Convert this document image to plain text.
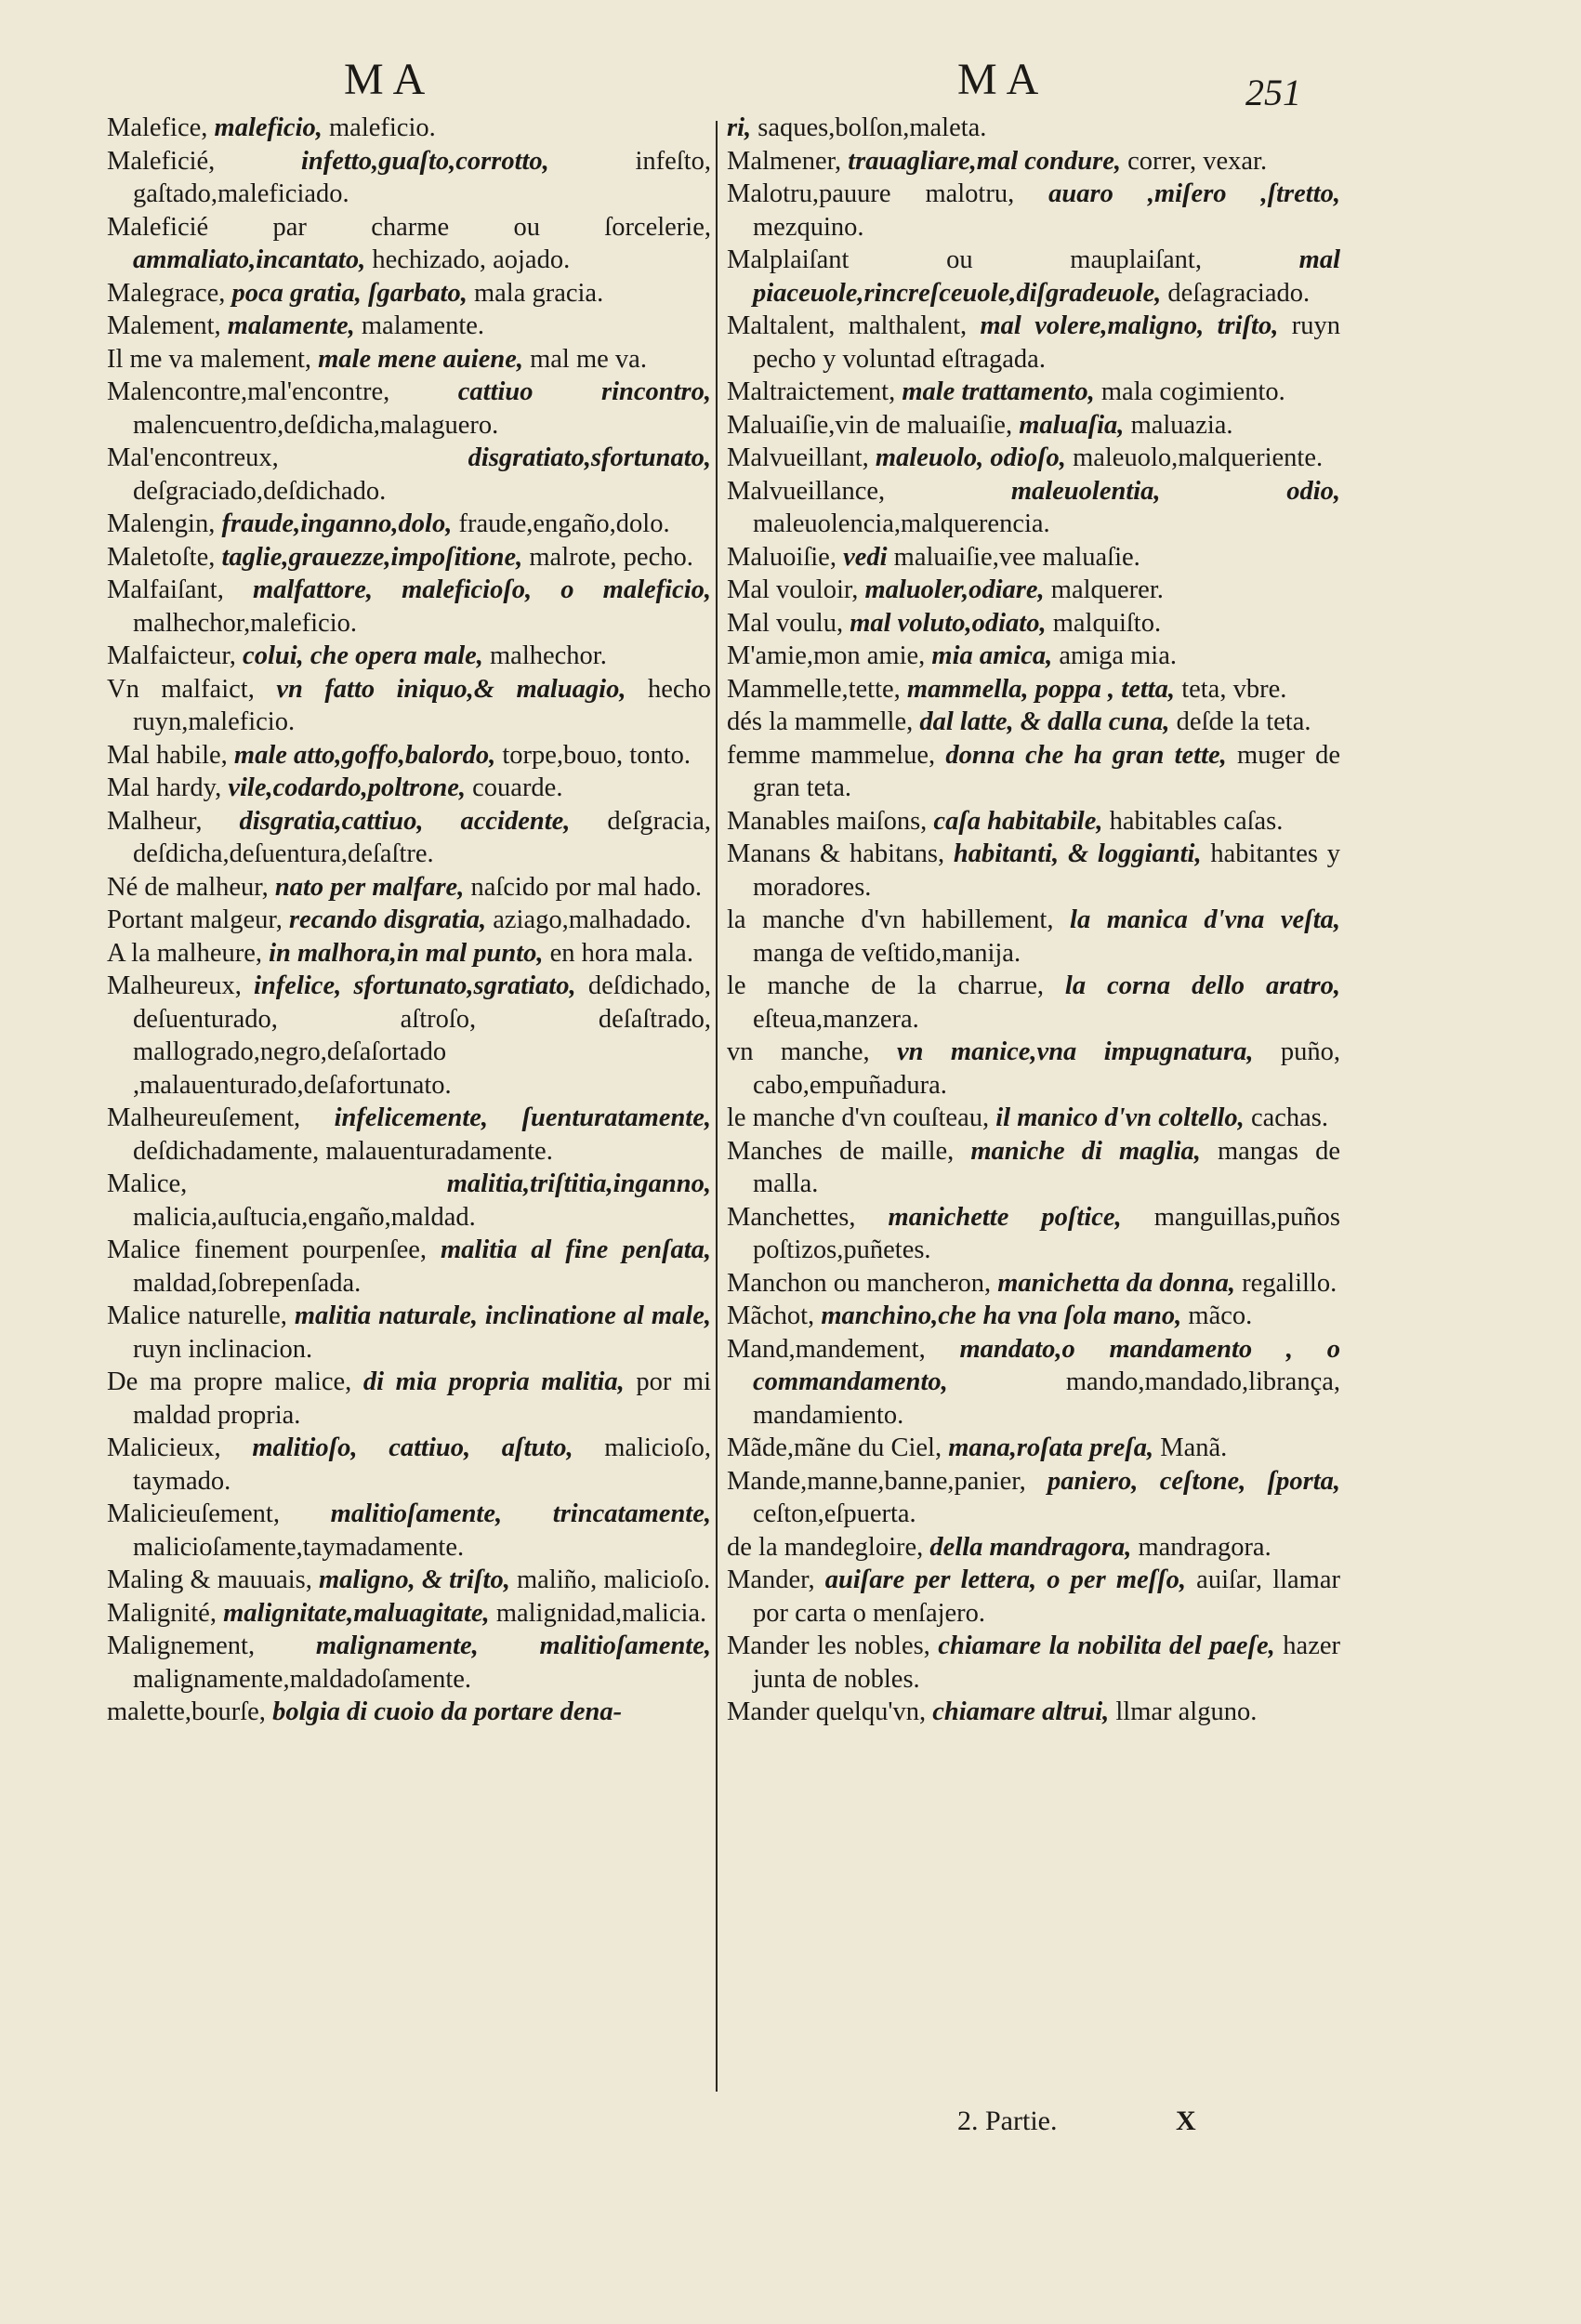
MA	MA	251

Malefice, maleficio, maleficio.

Maleficié, infetto,guaſto,corrotto, infeſto, gaſtado,maleficiado.

Maleficié par charme ou ſorcelerie, ammaliato,incantato, hechizado, aojado.

Malegrace, poca gratia, ſgarbato, mala gracia.

Malement, malamente, malamente.

Il me va malement, male mene auiene, mal me va.

Malencontre,mal'encontre, cattiuo rincontro, malencuentro,deſdicha,malaguero.

Mal'encontreux, disgratiato,sfortunato, deſgraciado,deſdichado.

Malengin, fraude,inganno,dolo, fraude,engaño,dolo.

Maletoſte, taglie,grauezze,impoſitione, malrote, pecho.

Malfaiſant, malfattore, maleficioſo, o maleficio, malhechor,maleficio.

Malfaicteur, colui, che opera male, malhechor.

Vn malfaict, vn fatto iniquo,& maluagio, hecho ruyn,maleficio.

Mal habile, male atto,goffo,balordo, torpe,bouo, tonto.

Mal hardy, vile,codardo,poltrone, couarde.

Malheur, disgratia,cattiuo, accidente, deſgracia, deſdicha,deſuentura,deſaſtre.

Né de malheur, nato per malfare, naſcido por mal hado.

Portant malgeur, recando disgratia, aziago,malhadado.

A la malheure, in malhora,in mal punto, en hora mala.

Malheureux, infelice, sfortunato,sgratiato, deſdichado, deſuenturado, aſtroſo, deſaſtrado, mallogrado,negro,deſaſortado ,malauenturado,deſafortunato.

Malheureuſement, infelicemente, ſuenturatamente, deſdichadamente, malauenturadamente.

Malice, malitia,triſtitia,inganno, malicia,auſtucia,engaño,maldad.

Malice finement pourpenſee, malitia al fine penſata, maldad,ſobrepenſada.

Malice naturelle, malitia naturale, inclinatione al male, ruyn inclinacion.

De ma propre malice, di mia propria malitia, por mi maldad propria.

Malicieux, malitioſo, cattiuo, aſtuto, malicioſo, taymado.

Malicieuſement, malitioſamente, trincatamente, malicioſamente,taymadamente.

Maling & mauuais, maligno, & triſto, maliño, malicioſo.

Malignité, malignitate,maluagitate, malignidad,malicia.

Malignement, malignamente, malitioſamente, malignamente,maldadoſamente.

malette,bourſe, bolgia di cuoio da portare dena-

ri, saques,bolſon,maleta.

Malmener, trauagliare,mal condure, correr, vexar.

Malotru,pauure malotru, auaro ,miſero ,ſtretto, mezquino.

Malplaiſant ou mauplaiſant, mal piaceuole,rincreſceuole,diſgradeuole, deſagraciado.

Maltalent, malthalent, mal volere,maligno, triſto, ruyn pecho y voluntad eſtragada.

Maltraictement, male trattamento, mala cogimiento.

Maluaiſie,vin de maluaiſie, maluaſia, maluazia.

Malvueillant, maleuolo, odioſo, maleuolo,malqueriente.

Malvueillance, maleuolentia, odio, maleuolencia,malquerencia.

Maluoiſie, vedi maluaiſie,vee maluaſie.

Mal vouloir, maluoler,odiare, malquerer.

Mal voulu, mal voluto,odiato, malquiſto.

M'amie,mon amie, mia amica, amiga mia.

Mammelle,tette, mammella, poppa , tetta, teta, vbre.

dés la mammelle, dal latte, & dalla cuna, deſde la teta.

femme mammelue, donna che ha gran tette, muger de gran teta.

Manables maiſons, caſa habitabile, habitables caſas.

Manans & habitans, habitanti, & loggianti, habitantes y moradores.

la manche d'vn habillement, la manica d'vna veſta, manga de veſtido,manija.

le manche de la charrue, la corna dello aratro, eſteua,manzera.

vn manche, vn manice,vna impugnatura, puño, cabo,empuñadura.

le manche d'vn couſteau, il manico d'vn coltello, cachas.

Manches de maille, maniche di maglia, mangas de malla.

Manchettes, manichette poſtice, manguillas,puños poſtizos,puñetes.

Manchon ou mancheron, manichetta da donna, regalillo.

Mãchot, manchino,che ha vna ſola mano, mãco.

Mand,mandement, mandato,o mandamento , o commandamento, mando,mandado,librança, mandamiento.

Mãde,mãne du Ciel, mana,roſata preſa, Manã.

Mande,manne,banne,panier, paniero, ceſtone, ſporta, ceſton,eſpuerta.

de la mandegloire, della mandragora, mandragora.

Mander, auiſare per lettera, o per meſſo, auiſar, llamar por carta o menſajero.

Mander les nobles, chiamare la nobilita del paeſe, hazer junta de nobles.

Mander quelqu'vn, chiamare altrui, llmar alguno.

2. Partie.	X
